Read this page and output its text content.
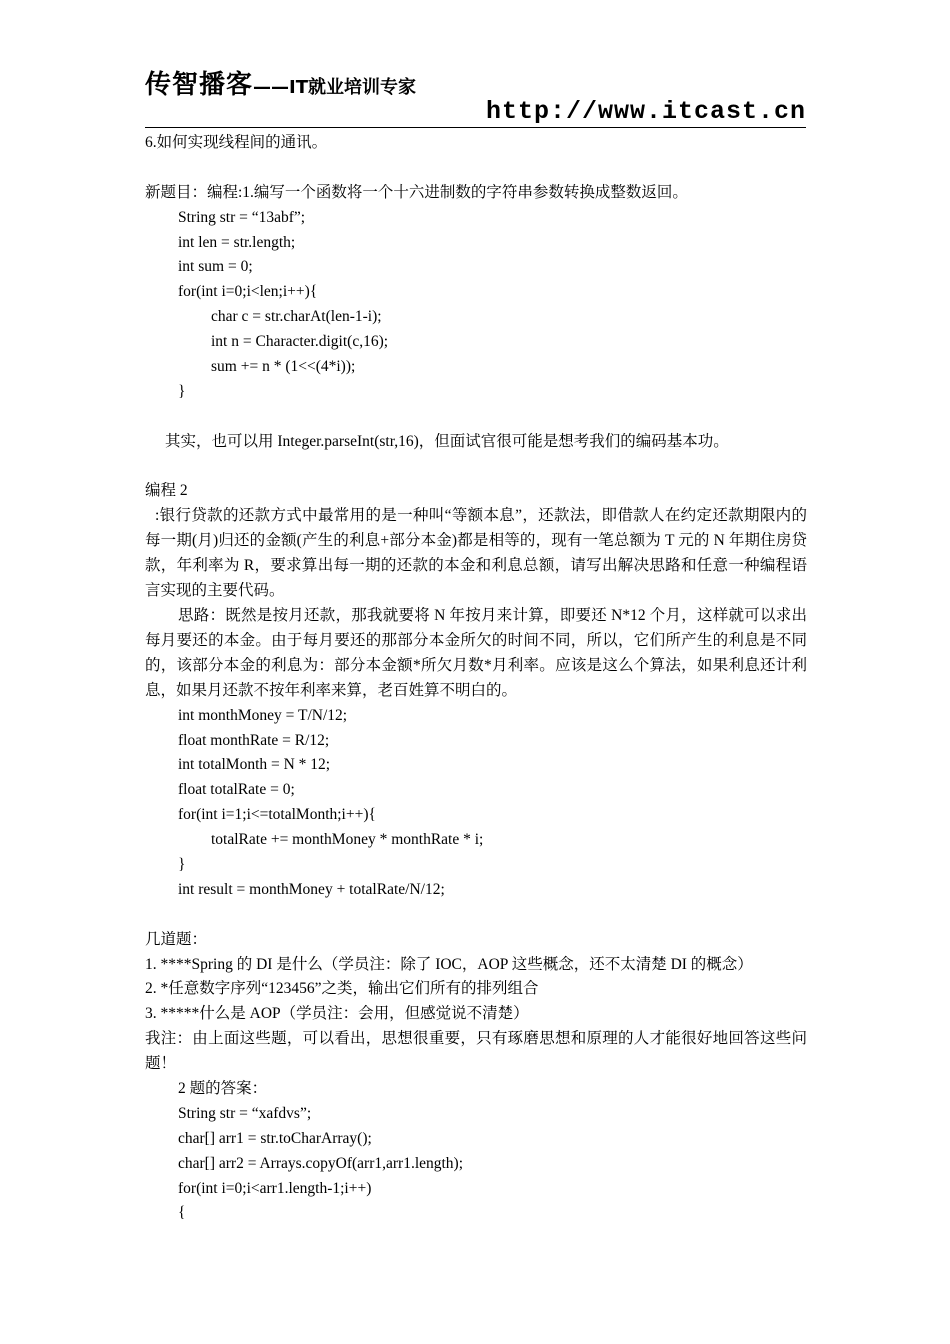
传智播客——IT就业培训专家
http://www.itcast.cn
6.如何实现线程间的通讯。
新题目：编程:1.编写一个函数将一个十六进制数的字符串参数转换成整数返回。
String str = “13abf”;
int len = str.length;
int sum = 0;
for(int i=0;i<len;i++){
char c = str.charAt(len-1-i);
int n = Character.digit(c,16);
sum += n * (1<<(4*i));
}
其实，也可以用 Integer.parseInt(str,16)，但面试官很可能是想考我们的编码基本功。
编程 2
:银行贷款的还款方式中最常用的是一种叫“等额本息”，还款法，即借款人在约定还款期限内的每一期(月)归还的金额(产生的利息+部分本金)都是相等的，现有一笔总额为 T 元的 N 年期住房贷款，年利率为 R，要求算出每一期的还款的本金和利息总额，请写出解决思路和任意一种编程语言实现的主要代码。
思路：既然是按月还款，那我就要将 N 年按月来计算，即要还 N*12 个月，这样就可以求出每月要还的本金。由于每月要还的那部分本金所欠的时间不同，所以，它们所产生的利息是不同的，该部分本金的利息为：部分本金额*所欠月数*月利率。应该是这么个算法，如果利息还计利息，如果月还款不按年利率来算，老百姓算不明白的。
int monthMoney = T/N/12;
float monthRate = R/12;
int totalMonth = N * 12;
float totalRate = 0;
for(int i=1;i<=totalMonth;i++){
totalRate += monthMoney * monthRate * i;
}
int result = monthMoney + totalRate/N/12;
几道题：
1. ****Spring 的 DI 是什么（学员注：除了 IOC，AOP 这些概念，还不太清楚 DI 的概念）
2. *任意数字序列“123456”之类，输出它们所有的排列组合
3. *****什么是 AOP（学员注：会用，但感觉说不清楚）
我注：由上面这些题，可以看出，思想很重要，只有琢磨思想和原理的人才能很好地回答这些问题！
2 题的答案：
String str = “xafdvs”;
char[] arr1 = str.toCharArray();
char[] arr2 = Arrays.copyOf(arr1,arr1.length);
for(int i=0;i<arr1.length-1;i++)
{
